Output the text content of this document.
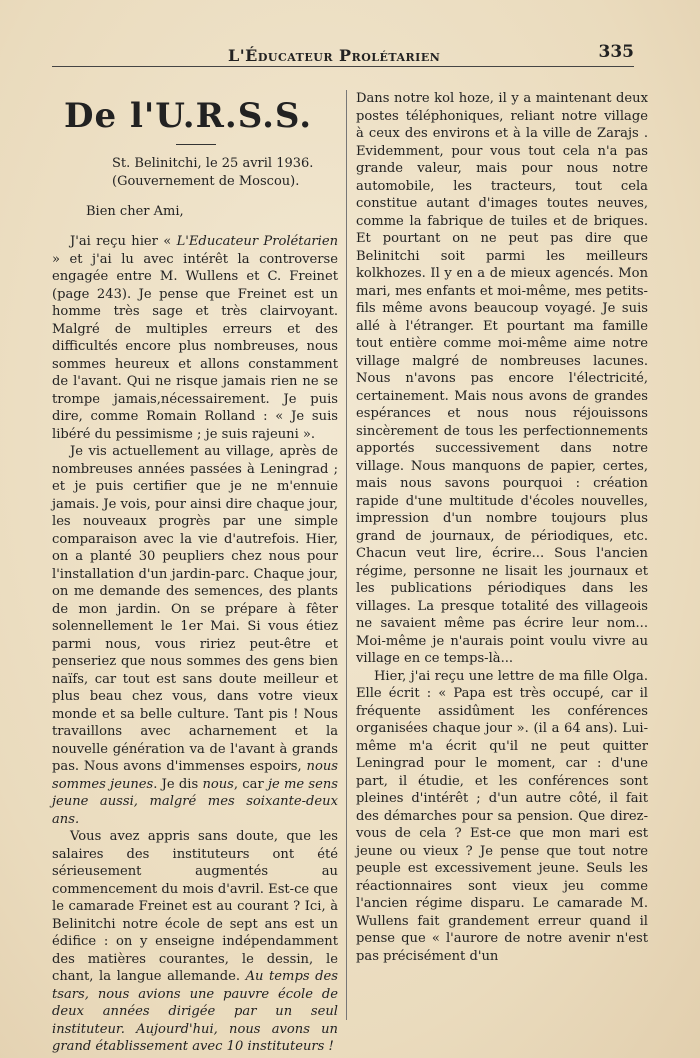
L'Éducateur Prolétarien	335
De l'U.R.S.S.
St. Belinitchi, le 25 avril 1936.
(Gouvernement de Moscou).
Bien cher Ami,

J'ai reçu hier « L'Educateur Prolétarien » et j'ai lu avec intérêt la controverse engagée entre M. Wullens et C. Freinet (page 243). Je pense que Freinet est un homme très sage et très clairvoyant. Malgré de multiples erreurs et des difficultés encore plus nombreuses, nous sommes heureux et allons constamment de l'avant. Qui ne risque jamais rien ne se trompe jamais,nécessairement. Je puis dire, comme Romain Rolland : « Je suis libéré du pessimisme ; je suis rajeuni ».

Je vis actuellement au village, après de nombreuses années passées à Leningrad ; et je puis certifier que je ne m'ennuie jamais. Je vois, pour ainsi dire chaque jour, les nouveaux progrès par une simple comparaison avec la vie d'autrefois. Hier, on a planté 30 peupliers chez nous pour l'installation d'un jardin-parc. Chaque jour, on me demande des semences, des plants de mon jardin. On se prépare à fêter solennellement le 1er Mai. Si vous étiez parmi nous, vous ririez peut-être et penseriez que nous sommes des gens bien naïfs, car tout est sans doute meilleur et plus beau chez vous, dans votre vieux monde et sa belle culture. Tant pis ! Nous travaillons avec acharnement et la nouvelle génération va de l'avant à grands pas. Nous avons d'immenses espoirs, nous sommes jeunes. Je dis nous, car je me sens jeune aussi, malgré mes soixante-deux ans.

Vous avez appris sans doute, que les salaires des instituteurs ont été sérieusement augmentés au commencement du mois d'avril. Est-ce que le camarade Freinet est au courant ? Ici, à Belinitchi notre école de sept ans est un édifice : on y enseigne indépendamment des matières courantes, le dessin, le chant, la langue allemande. Au temps des tsars, nous avions une pauvre école de deux années dirigée par un seul instituteur. Aujourd'hui, nous avons un grand établissement avec 10 instituteurs !

Dans notre kol hoze, il y a maintenant deux postes téléphoniques, reliant notre village à ceux des environs et à la ville de Zarajs . Evidemment, pour vous tout cela n'a pas grande valeur, mais pour nous notre automobile, les tracteurs, tout cela constitue autant d'images toutes neuves, comme la fabrique de tuiles et de briques. Et pourtant on ne peut pas dire que Belinitchi soit parmi les meilleurs kolkhozes. Il y en a de mieux agencés. Mon mari, mes enfants et moi-même, mes petits-fils même avons beaucoup voyagé. Je suis allé à l'étranger. Et pourtant ma famille tout entière comme moi-même aime notre village malgré de nombreuses lacunes. Nous n'avons pas encore l'électricité, certainement. Mais nous avons de grandes espérances et nous nous réjouissons sincèrement de tous les perfectionnements apportés successivement dans notre village. Nous manquons de papier, certes, mais nous savons pourquoi : création rapide d'une multitude d'écoles nouvelles, impression d'un nombre toujours plus grand de journaux, de périodiques, etc. Chacun veut lire, écrire... Sous l'ancien régime, personne ne lisait les journaux et les publications périodiques dans les villages. La presque totalité des villageois ne savaient même pas écrire leur nom... Moi-même je n'aurais point voulu vivre au village en ce temps-là...

Hier, j'ai reçu une lettre de ma fille Olga. Elle écrit : « Papa est très occupé, car il fréquente assidûment les conférences organisées chaque jour ». (il a 64 ans). Lui-même m'a écrit qu'il ne peut quitter Leningrad pour le moment, car : d'une part, il étudie, et les conférences sont pleines d'intérêt ; d'un autre côté, il fait des démarches pour sa pension. Que direz-vous de cela ? Est-ce que mon mari est jeune ou vieux ? Je pense que tout notre peuple est excessivement jeune. Seuls les réactionnaires sont vieux jeu comme l'ancien régime disparu. Le camarade M. Wullens fait grandement erreur quand il pense que « l'aurore de notre avenir n'est pas précisément d'un
